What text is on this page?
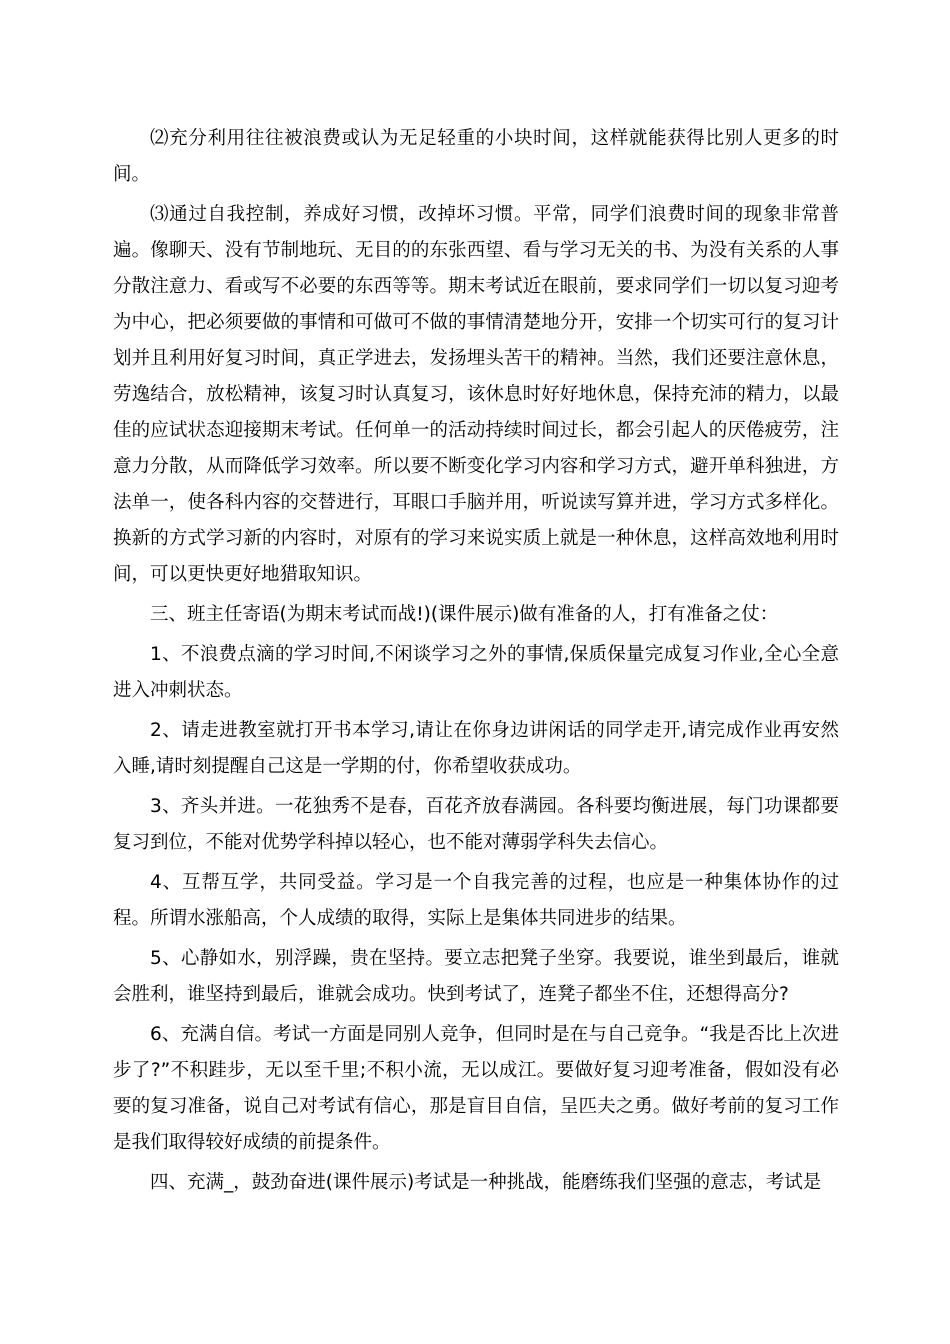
⑵充分利用往往被浪费或认为无足轻重的小块时间，这样就能获得比别人更多的时间。

⑶通过自我控制，养成好习惯，改掉坏习惯。平常，同学们浪费时间的现象非常普遍。像聊天、没有节制地玩、无目的的东张西望、看与学习无关的书、为没有关系的人事分散注意力、看或写不必要的东西等等。期末考试近在眼前，要求同学们一切以复习迎考为中心，把必须要做的事情和可做可不做的事情清楚地分开，安排一个切实可行的复习计划并且利用好复习时间，真正学进去，发扬埋头苦干的精神。当然，我们还要注意休息，劳逸结合，放松精神，该复习时认真复习，该休息时好好地休息，保持充沛的精力，以最佳的应试状态迎接期末考试。任何单一的活动持续时间过长，都会引起人的厌倦疲劳，注意力分散，从而降低学习效率。所以要不断变化学习内容和学习方式，避开单科独进，方法单一，使各科内容的交替进行，耳眼口手脑并用，听说读写算并进，学习方式多样化。换新的方式学习新的内容时，对原有的学习来说实质上就是一种休息，这样高效地利用时间，可以更快更好地猎取知识。

三、班主任寄语(为期末考试而战!)(课件展示)做有准备的人，打有准备之仗：

1、不浪费点滴的学习时间,不闲谈学习之外的事情,保质保量完成复习作业,全心全意进入冲刺状态。

2、请走进教室就打开书本学习,请让在你身边讲闲话的同学走开,请完成作业再安然入睡,请时刻提醒自己这是一学期的付，你希望收获成功。

3、齐头并进。一花独秀不是春，百花齐放春满园。各科要均衡进展，每门功课都要复习到位，不能对优势学科掉以轻心，也不能对薄弱学科失去信心。

4、互帮互学，共同受益。学习是一个自我完善的过程，也应是一种集体协作的过程。所谓水涨船高，个人成绩的取得，实际上是集体共同进步的结果。

5、心静如水，别浮躁，贵在坚持。要立志把凳子坐穿。我要说，谁坐到最后，谁就会胜利，谁坚持到最后，谁就会成功。快到考试了，连凳子都坐不住，还想得高分?

6、充满自信。考试一方面是同别人竞争，但同时是在与自己竞争。“我是否比上次进步了?”不积跬步，无以至千里;不积小流，无以成江。要做好复习迎考准备，假如没有必要的复习准备，说自己对考试有信心，那是盲目自信，呈匹夫之勇。做好考前的复习工作是我们取得较好成绩的前提条件。

四、充满_，鼓劲奋进(课件展示)考试是一种挑战，能磨练我们坚强的意志，考试是
